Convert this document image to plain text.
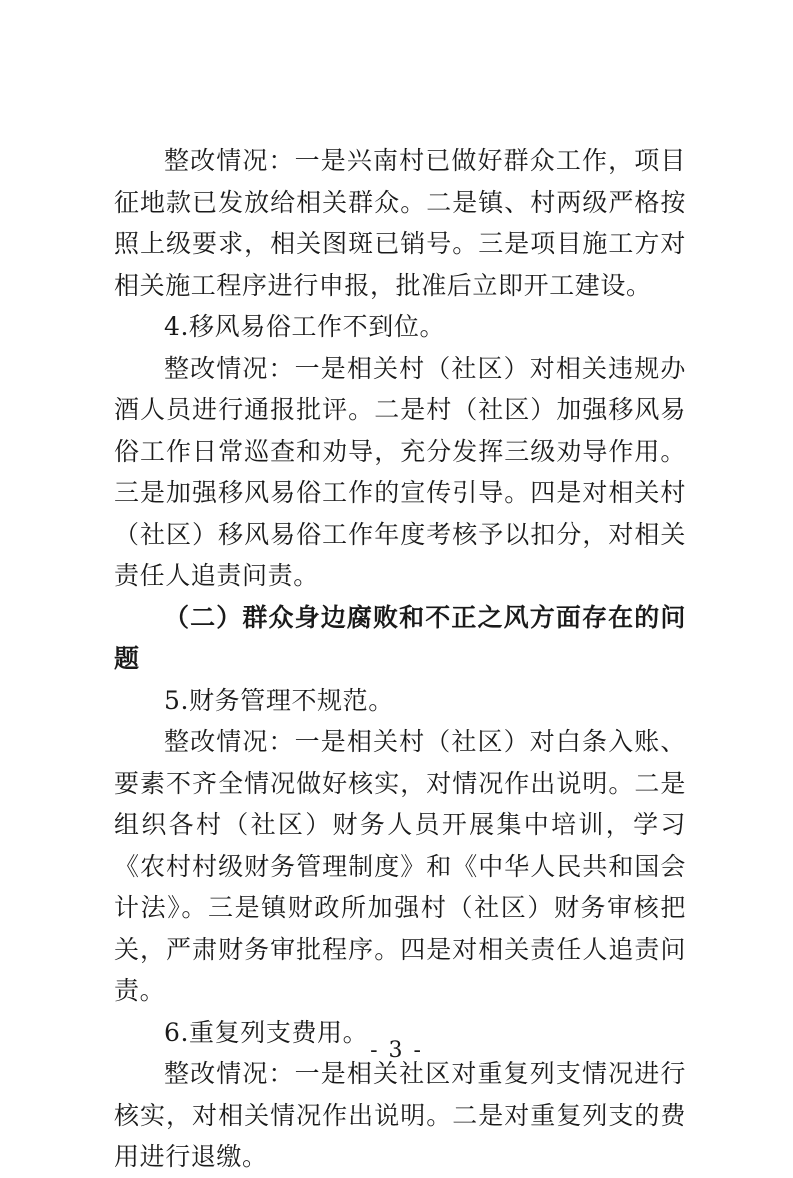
整改情况：一是兴南村已做好群众工作，项目征地款已发放给相关群众。二是镇、村两级严格按照上级要求，相关图斑已销号。三是项目施工方对相关施工程序进行申报，批准后立即开工建设。

4.移风易俗工作不到位。

整改情况：一是相关村（社区）对相关违规办酒人员进行通报批评。二是村（社区）加强移风易俗工作日常巡查和劝导，充分发挥三级劝导作用。三是加强移风易俗工作的宣传引导。四是对相关村（社区）移风易俗工作年度考核予以扣分，对相关责任人追责问责。

（二）群众身边腐败和不正之风方面存在的问题

5.财务管理不规范。

整改情况：一是相关村（社区）对白条入账、要素不齐全情况做好核实，对情况作出说明。二是组织各村（社区）财务人员开展集中培训，学习《农村村级财务管理制度》和《中华人民共和国会计法》。三是镇财政所加强村（社区）财务审核把关，严肃财务审批程序。四是对相关责任人追责问责。

6.重复列支费用。

整改情况：一是相关社区对重复列支情况进行核实，对相关情况作出说明。二是对重复列支的费用进行退缴。

- 3 -
